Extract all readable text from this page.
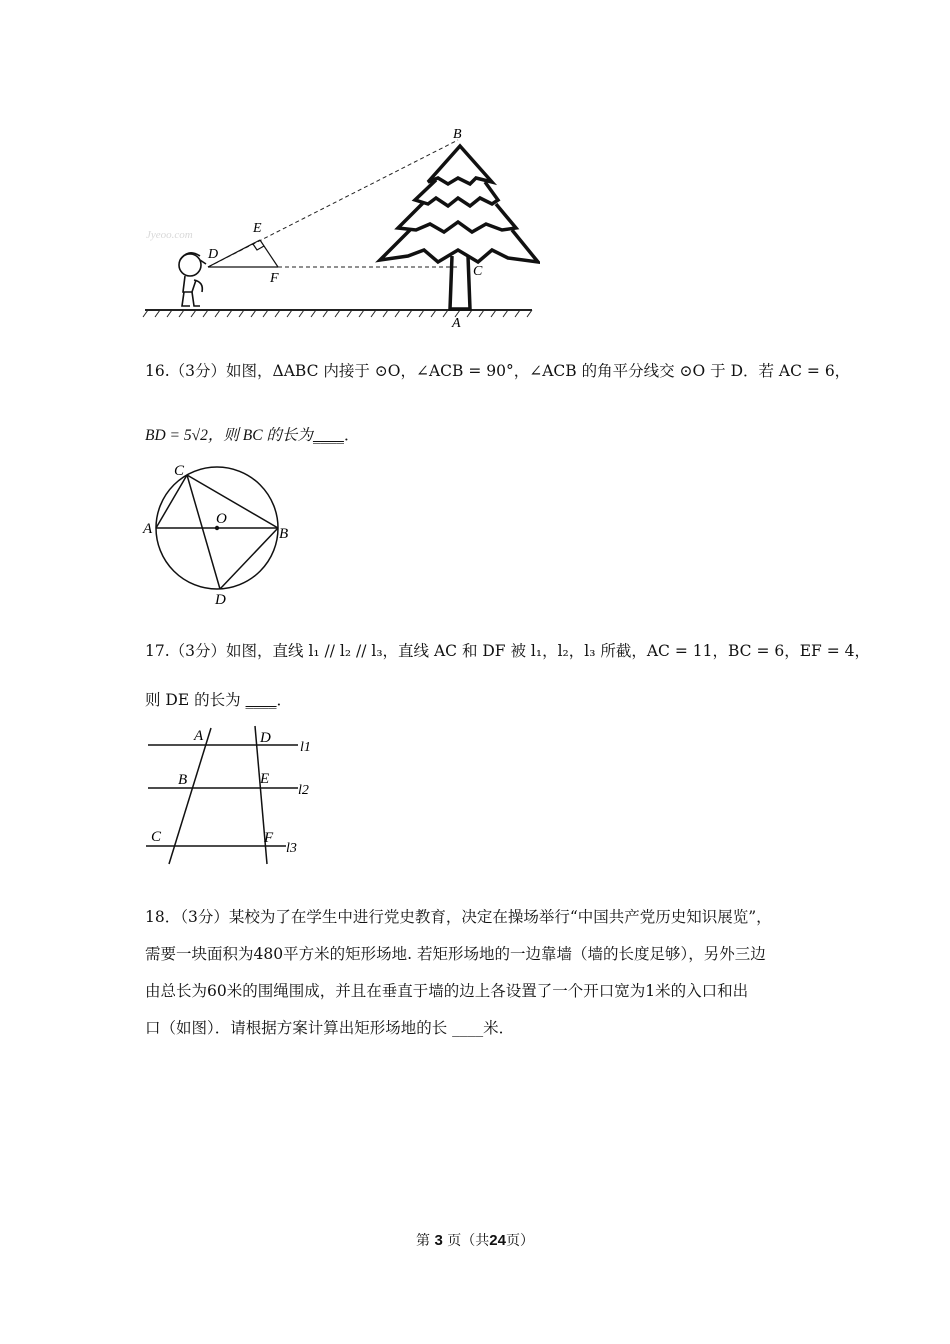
Jyeoo.com
B
E
D
F	C
A
16.（3分）如图，ΔABC 内接于 ⊙O，∠ACB = 90°，∠ACB 的角平分线交 ⊙O 于 D．若 AC = 6，
BD = 5√2，则 BC 的长为____．
C
A
O
B
D
17.（3分）如图，直线 l₁ // l₂ // l₃，直线 AC 和 DF 被 l₁，l₂，l₃ 所截，AC = 11，BC = 6，EF = 4，
则 DE 的长为 ____．
A	D
l1
B	E
l2
C	F
l3
18．（3分）某校为了在学生中进行党史教育，决定在操场举行“中国共产党历史知识展览”，
需要一块面积为480平方米的矩形场地. 若矩形场地的一边靠墙（墙的长度足够），另外三边
由总长为60米的围绳围成，并且在垂直于墙的边上各设置了一个开口宽为1米的入口和出
口（如图）．请根据方案计算出矩形场地的长 ____米．
第 3 页（共24页）
